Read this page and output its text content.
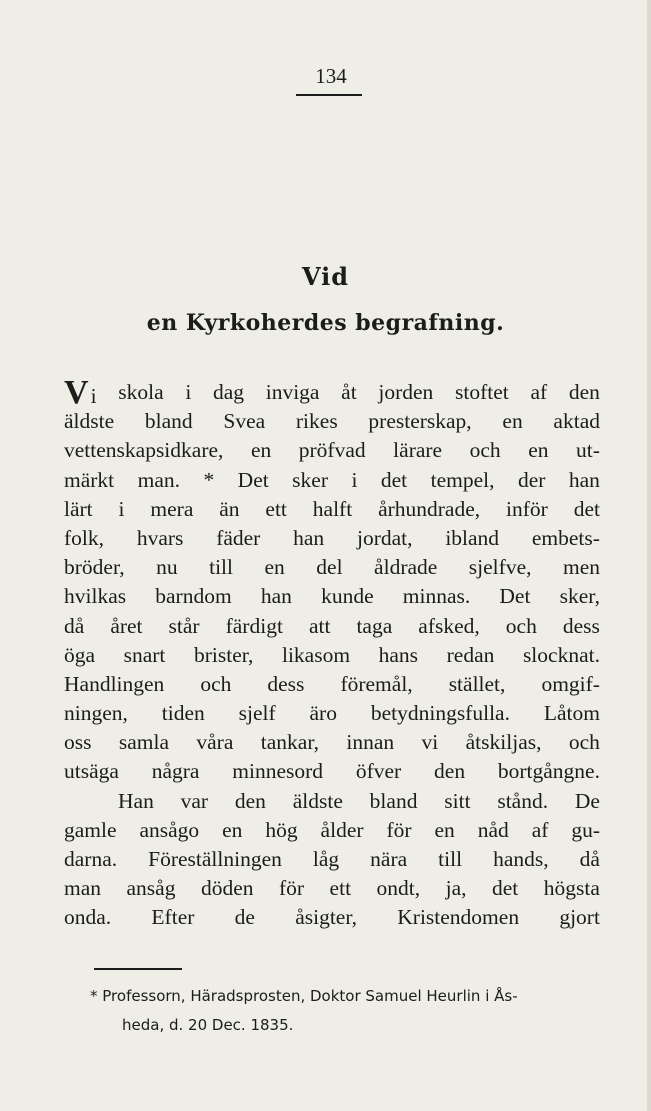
134
Vid
en Kyrkoherdes begrafning.
Vi skola i dag inviga åt jorden stoftet af den
äldste bland Svea rikes presterskap, en aktad
vettenskapsidkare, en pröfvad lärare och en ut-
märkt man. * Det sker i det tempel, der han
lärt i mera än ett halft århundrade, inför det
folk, hvars fäder han jordat, ibland embets-
bröder, nu till en del åldrade sjelfve, men
hvilkas barndom han kunde minnas. Det sker,
då året står färdigt att taga afsked, och dess
öga snart brister, likasom hans redan slocknat.
Handlingen och dess föremål, stället, omgif-
ningen, tiden sjelf äro betydningsfulla. Låtom
oss samla våra tankar, innan vi åtskiljas, och
utsäga några minnesord öfver den bortgångne.
Han var den äldste bland sitt stånd. De
gamle ansågo en hög ålder för en nåd af gu-
darna. Föreställningen låg nära till hands, då
man ansåg döden för ett ondt, ja, det högsta
onda. Efter de åsigter, Kristendomen gjort
* Professorn, Häradsprosten, Doktor Samuel Heurlin i Ås-
heda, d. 20 Dec. 1835.
